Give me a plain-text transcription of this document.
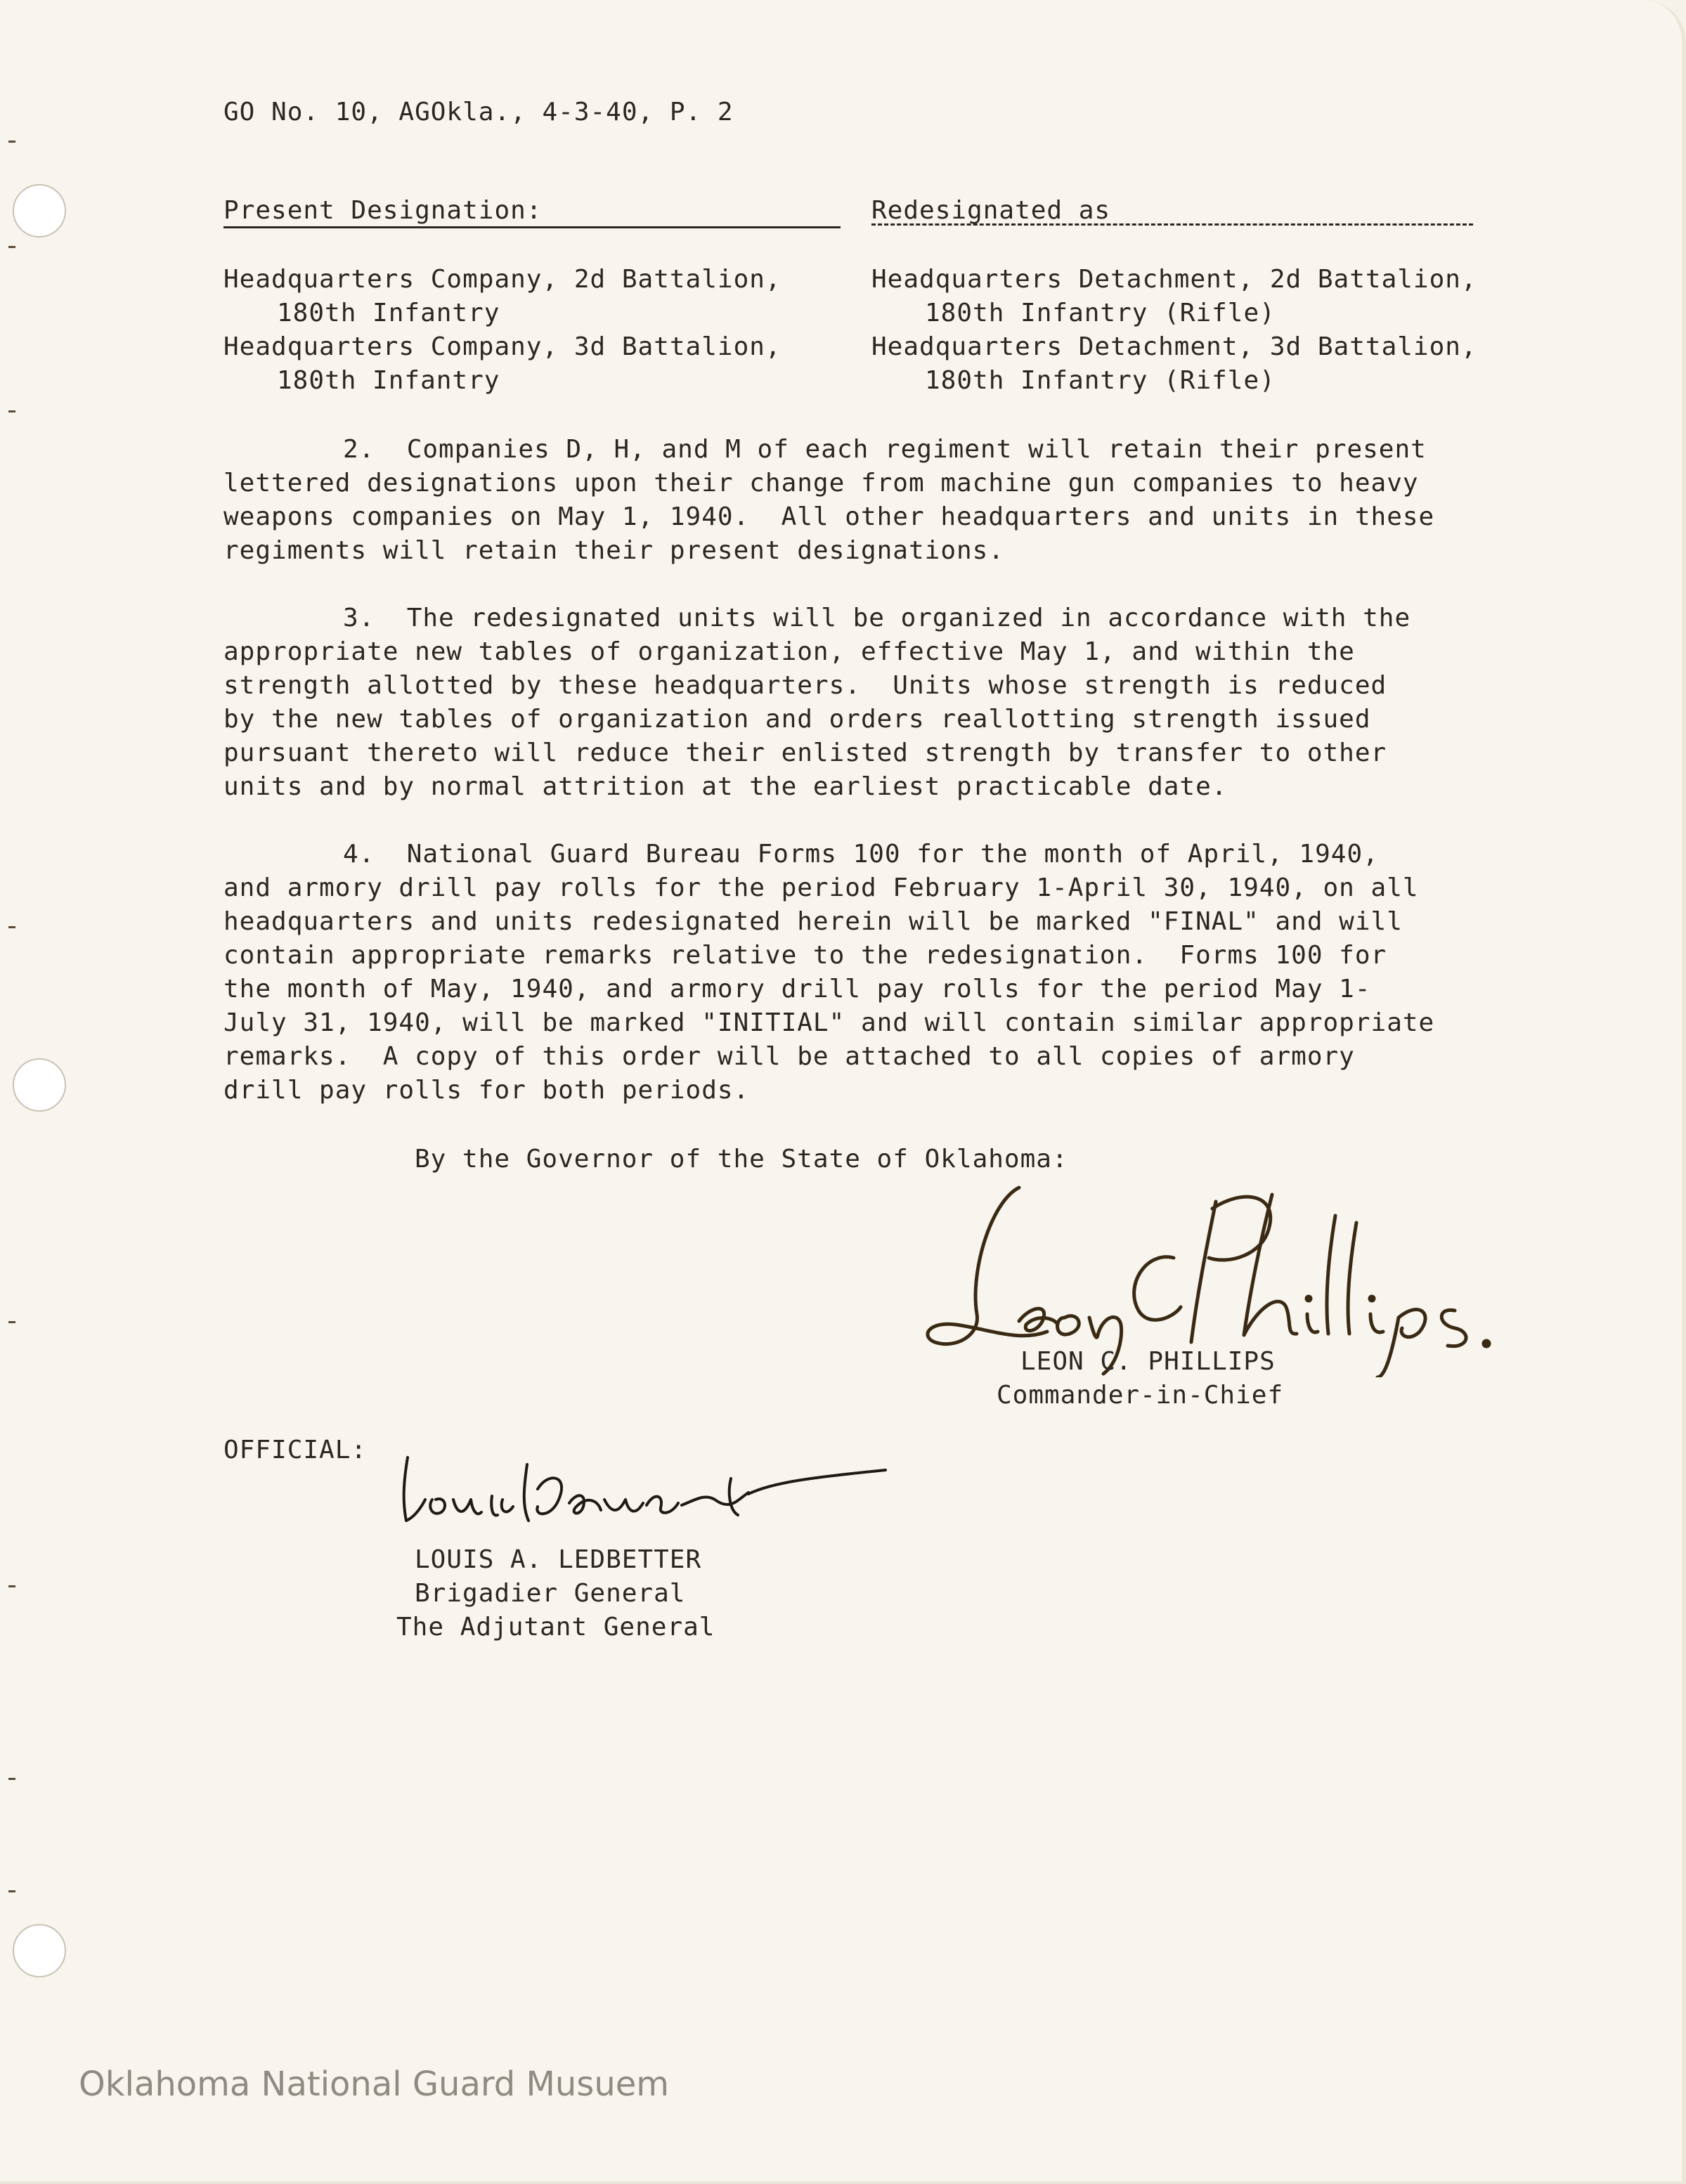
GO No. 10, AGOkla., 4-3-40, P. 2
Present Designation:	Redesignated as
Headquarters Company, 2d Battalion,
180th Infantry
Headquarters Detachment, 2d Battalion,
180th Infantry (Rifle)
Headquarters Company, 3d Battalion,
180th Infantry
Headquarters Detachment, 3d Battalion,
180th Infantry (Rifle)
2.  Companies D, H, and M of each regiment will retain their present
lettered designations upon their change from machine gun companies to heavy
weapons companies on May 1, 1940.  All other headquarters and units in these
regiments will retain their present designations.
3.  The redesignated units will be organized in accordance with the
appropriate new tables of organization, effective May 1, and within the
strength allotted by these headquarters.  Units whose strength is reduced
by the new tables of organization and orders reallotting strength issued
pursuant thereto will reduce their enlisted strength by transfer to other
units and by normal attrition at the earliest practicable date.
4.  National Guard Bureau Forms 100 for the month of April, 1940,
and armory drill pay rolls for the period February 1-April 30, 1940, on all
headquarters and units redesignated herein will be marked "FINAL" and will
contain appropriate remarks relative to the redesignation.  Forms 100 for
the month of May, 1940, and armory drill pay rolls for the period May 1-
July 31, 1940, will be marked "INITIAL" and will contain similar appropriate
remarks.  A copy of this order will be attached to all copies of armory
drill pay rolls for both periods.
By the Governor of the State of Oklahoma:
LEON C. PHILLIPS
Commander-in-Chief
OFFICIAL:
LOUIS A. LEDBETTER
Brigadier General
The Adjutant General
Oklahoma National Guard Musuem
